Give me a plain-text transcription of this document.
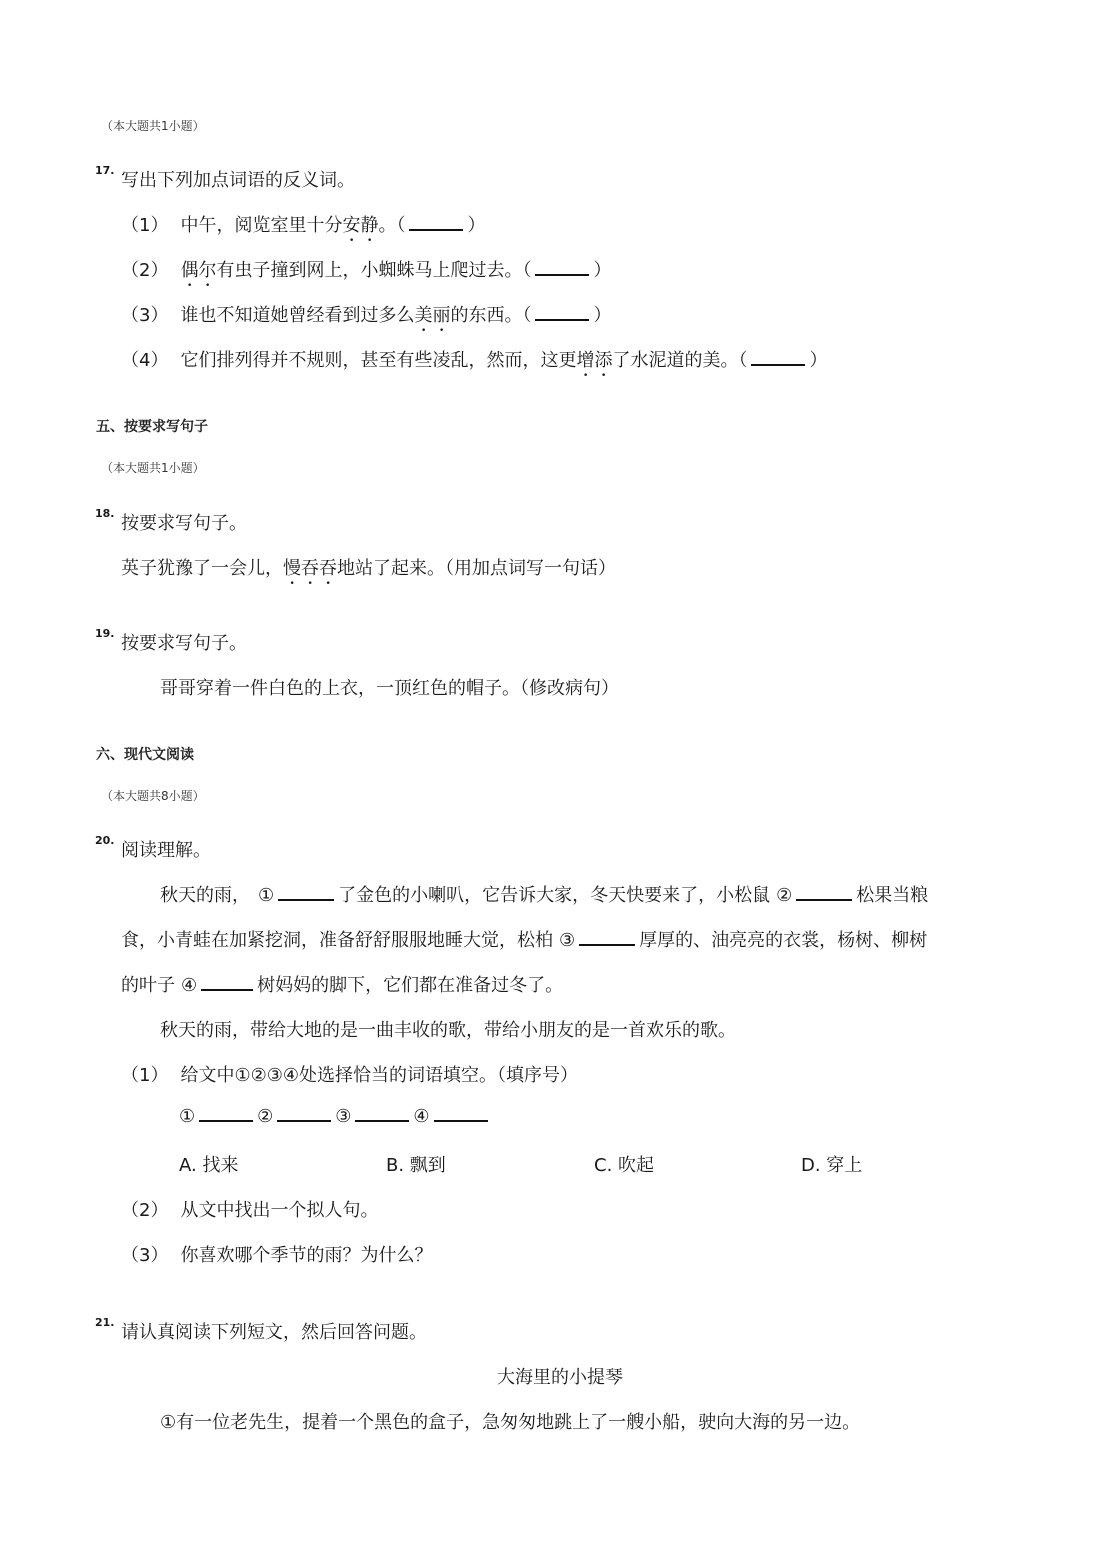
（本大题共1小题）
17. 写出下列加点词语的反义词。
（1） 中午，阅览室里十分安静。（	）
（2） 偶尔有虫子撞到网上，小蜘蛛马上爬过去。（	）
（3） 谁也不知道她曾经看到过多么美丽的东西。（	）
（4） 它们排列得并不规则，甚至有些凌乱，然而，这更增添了水泥道的美。（	）
五、按要求写句子
（本大题共1小题）
18. 按要求写句子。
英子犹豫了一会儿，慢吞吞地站了起来。（用加点词写一句话）
19. 按要求写句子。
哥哥穿着一件白色的上衣，一顶红色的帽子。（修改病句）
六、现代文阅读
（本大题共8小题）
20. 阅读理解。
秋天的雨， ①	了金色的小喇叭，它告诉大家，冬天快要来了，小松鼠 ②	松果当粮
食，小青蛙在加紧挖洞，准备舒舒服服地睡大觉，松柏 ③	厚厚的、油亮亮的衣裳，杨树、柳树
的叶子 ④	树妈妈的脚下，它们都在准备过冬了。
秋天的雨，带给大地的是一曲丰收的歌，带给小朋友的是一首欢乐的歌。
（1） 给文中①②③④处选择恰当的词语填空。（填序号）
①	②	③	④
A. 找来	B. 飘到	C. 吹起	D. 穿上
（2） 从文中找出一个拟人句。
（3） 你喜欢哪个季节的雨？为什么？
21. 请认真阅读下列短文，然后回答问题。
大海里的小提琴
①有一位老先生，提着一个黑色的盒子，急匆匆地跳上了一艘小船，驶向大海的另一边。
